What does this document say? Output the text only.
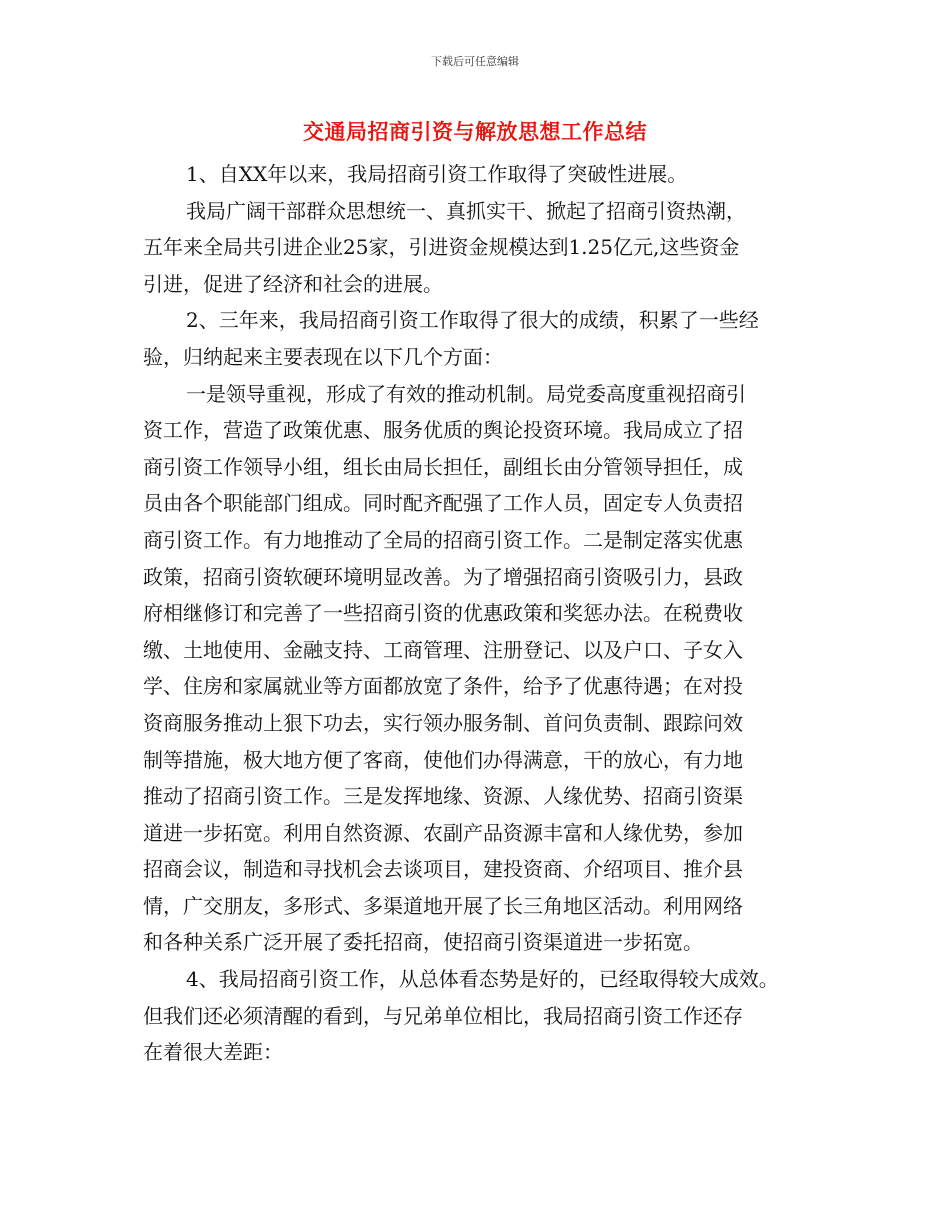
下载后可任意编辑
交通局招商引资与解放思想工作总结
1、自XX年以来，我局招商引资工作取得了突破性进展。
我局广阔干部群众思想统一、真抓实干、掀起了招商引资热潮，
五年来全局共引进企业25家，引进资金规模达到1.25亿元,这些资金
引进，促进了经济和社会的进展。
2、三年来，我局招商引资工作取得了很大的成绩，积累了一些经
验，归纳起来主要表现在以下几个方面：
一是领导重视，形成了有效的推动机制。局党委高度重视招商引
资工作，营造了政策优惠、服务优质的舆论投资环境。我局成立了招
商引资工作领导小组，组长由局长担任，副组长由分管领导担任，成
员由各个职能部门组成。同时配齐配强了工作人员，固定专人负责招
商引资工作。有力地推动了全局的招商引资工作。二是制定落实优惠
政策，招商引资软硬环境明显改善。为了增强招商引资吸引力，县政
府相继修订和完善了一些招商引资的优惠政策和奖惩办法。在税费收
缴、土地使用、金融支持、工商管理、注册登记、以及户口、子女入
学、住房和家属就业等方面都放宽了条件，给予了优惠待遇；在对投
资商服务推动上狠下功去，实行领办服务制、首问负责制、跟踪问效
制等措施，极大地方便了客商，使他们办得满意，干的放心，有力地
推动了招商引资工作。三是发挥地缘、资源、人缘优势、招商引资渠
道进一步拓宽。利用自然资源、农副产品资源丰富和人缘优势，参加
招商会议，制造和寻找机会去谈项目，建投资商、介绍项目、推介县
情，广交朋友，多形式、多渠道地开展了长三角地区活动。利用网络
和各种关系广泛开展了委托招商，使招商引资渠道进一步拓宽。
4、我局招商引资工作，从总体看态势是好的，已经取得较大成效。
但我们还必须清醒的看到，与兄弟单位相比，我局招商引资工作还存
在着很大差距：
